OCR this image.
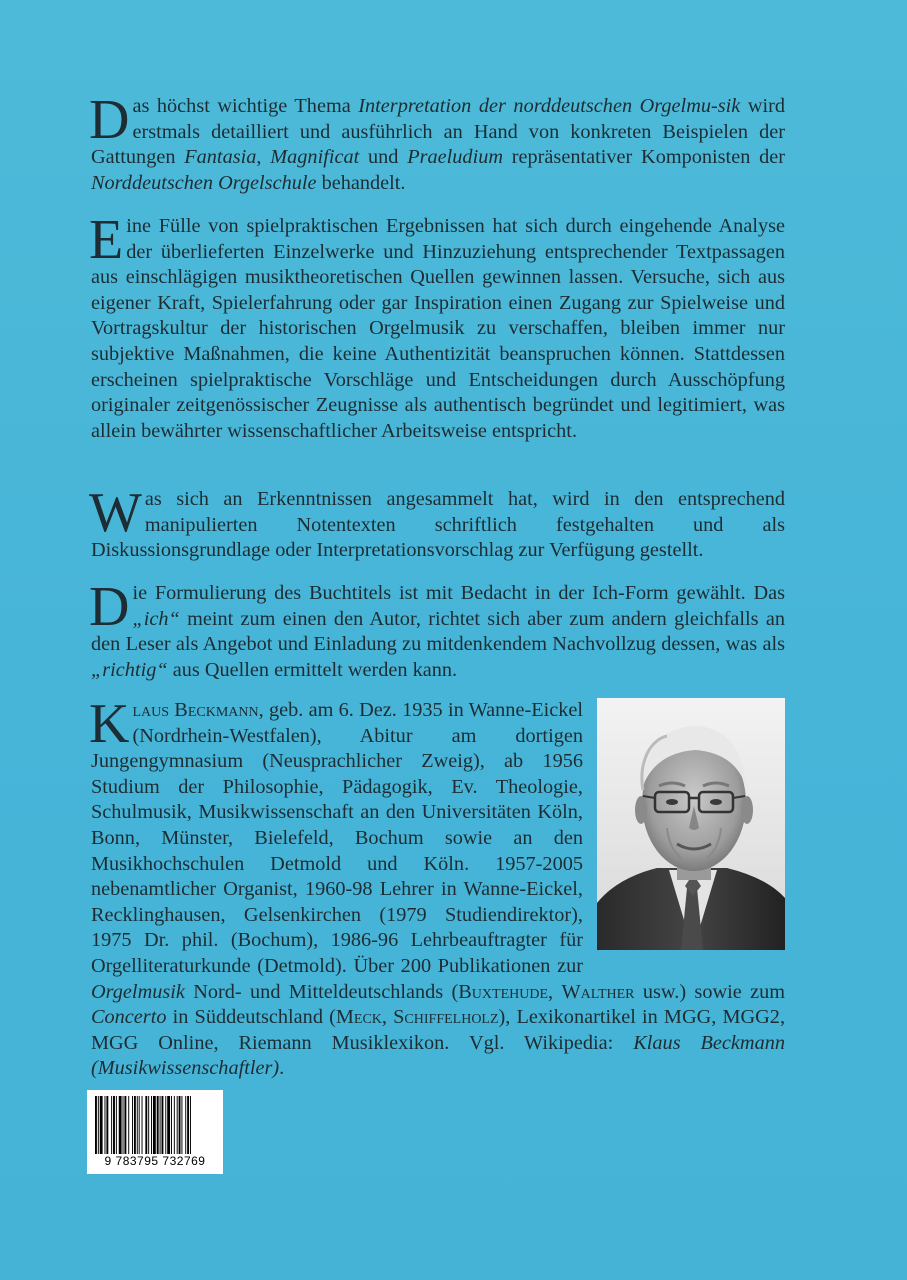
Das höchst wichtige Thema Interpretation der norddeutschen Orgelmu-sik wird erstmals detailliert und ausführlich an Hand von konkreten Beispielen der Gattungen Fantasia, Magnificat und Praeludium repräsentativer Komponisten der Norddeutschen Orgelschule behandelt.
Eine Fülle von spielpraktischen Ergebnissen hat sich durch eingehende Analyse der überlieferten Einzelwerke und Hinzuziehung entsprechender Textpassagen aus einschlägigen musiktheoretischen Quellen gewinnen lassen. Versuche, sich aus eigener Kraft, Spielerfahrung oder gar Inspiration einen Zugang zur Spielweise und Vortragskultur der historischen Orgelmusik zu verschaffen, bleiben immer nur subjektive Maßnahmen, die keine Authentizität beanspruchen können. Stattdessen erscheinen spielpraktische Vorschläge und Entscheidungen durch Ausschöpfung originaler zeitgenössischer Zeugnisse als authentisch begründet und legitimiert, was allein bewährter wissenschaftlicher Arbeitsweise entspricht.
Was sich an Erkenntnissen angesammelt hat, wird in den entsprechend manipulierten Notentexten schriftlich festgehalten und als Diskussionsgrundlage oder Interpretationsvorschlag zur Verfügung gestellt.
Die Formulierung des Buchtitels ist mit Bedacht in der Ich-Form gewählt. Das „ich“ meint zum einen den Autor, richtet sich aber zum andern gleichfalls an den Leser als Angebot und Einladung zu mitdenkendem Nachvollzug dessen, was als „richtig“ aus Quellen ermittelt werden kann.
Klaus Beckmann, geb. am 6. Dez. 1935 in Wanne-Eickel (Nordrhein-Westfalen), Abitur am dortigen Jungengymnasium (Neusprachlicher Zweig), ab 1956 Studium der Philosophie, Pädagogik, Ev. Theologie, Schulmusik, Musikwissenschaft an den Universitäten Köln, Bonn, Münster, Bielefeld, Bochum sowie an den Musikhochschulen Detmold und Köln. 1957-2005 nebenamtlicher Organist, 1960-98 Lehrer in Wanne-Eickel, Recklinghausen, Gelsenkirchen (1979 Studiendirektor), 1975 Dr. phil. (Bochum), 1986-96 Lehrbeauftragter für Orgelliteraturkunde (Detmold). Über 200 Publikationen zur Orgelmusik Nord- und Mitteldeutschlands (Buxtehude, Walther usw.) sowie zum Concerto in Süddeutschland (Meck, Schiffelholz), Lexikonartikel in MGG, MGG2, MGG Online, Riemann Musiklexikon. Vgl. Wikipedia: Klaus Beckmann (Musikwissenschaftler).
9 783795 732769
